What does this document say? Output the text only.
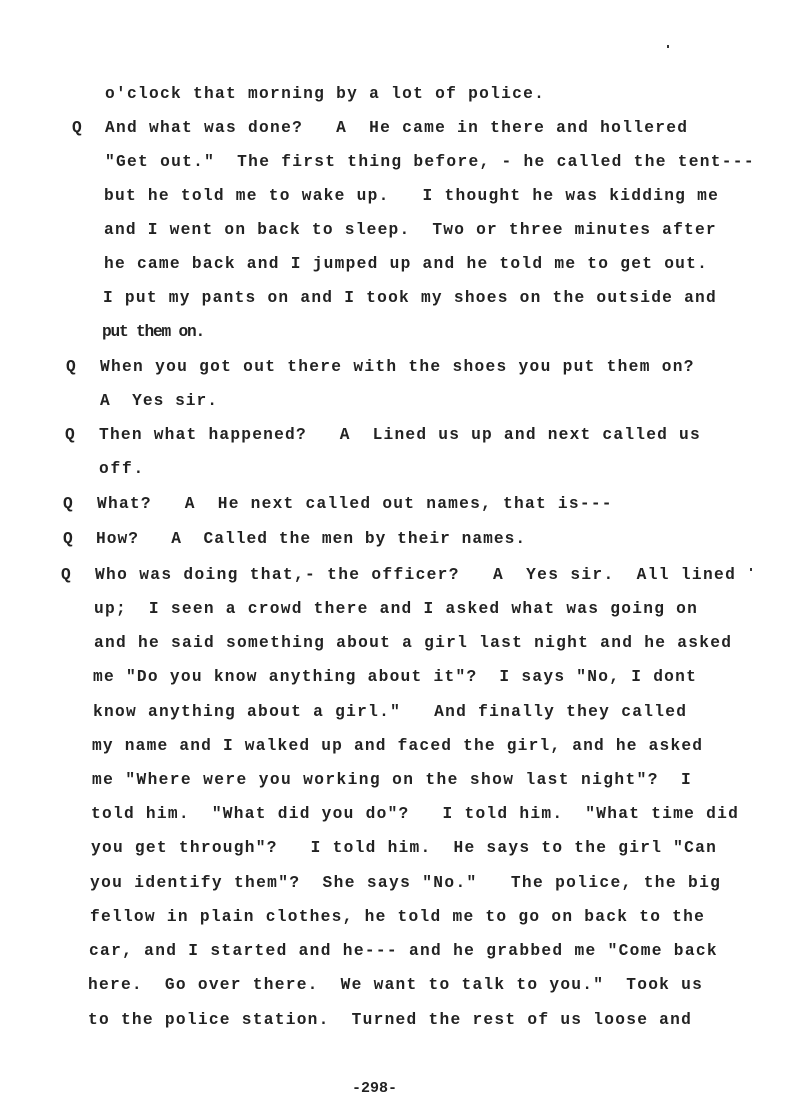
o'clock that morning by a lot of police.
Q And what was done?   A  He came in there and hollered
"Get out."  The first thing before, - he called the tent---
but he told me to wake up.   I thought he was kidding me
and I went on back to sleep.  Two or three minutes after
he came back and I jumped up and he told me to get out.
I put my pants on and I took my shoes on the outside and
put them on.
Q When you got out there with the shoes you put them on?
A  Yes sir.
Q Then what happened?   A  Lined us up and next called us
off.
Q What?   A  He next called out names, that is---
Q How?   A  Called the men by their names.
Q Who was doing that,- the officer?   A  Yes sir.  All lined
up;  I seen a crowd there and I asked what was going on
and he said something about a girl last night and he asked
me "Do you know anything about it"?  I says "No, I dont
know anything about a girl."   And finally they called
my name and I walked up and faced the girl, and he asked
me "Where were you working on the show last night"?  I
told him.  "What did you do"?   I told him.  "What time did
you get through"?   I told him.  He says to the girl "Can
you identify them"?  She says "No."   The police, the big
fellow in plain clothes, he told me to go on back to the
car, and I started and he--- and he grabbed me "Come back
here.  Go over there.  We want to talk to you."  Took us
to the police station.  Turned the rest of us loose and
-298-
